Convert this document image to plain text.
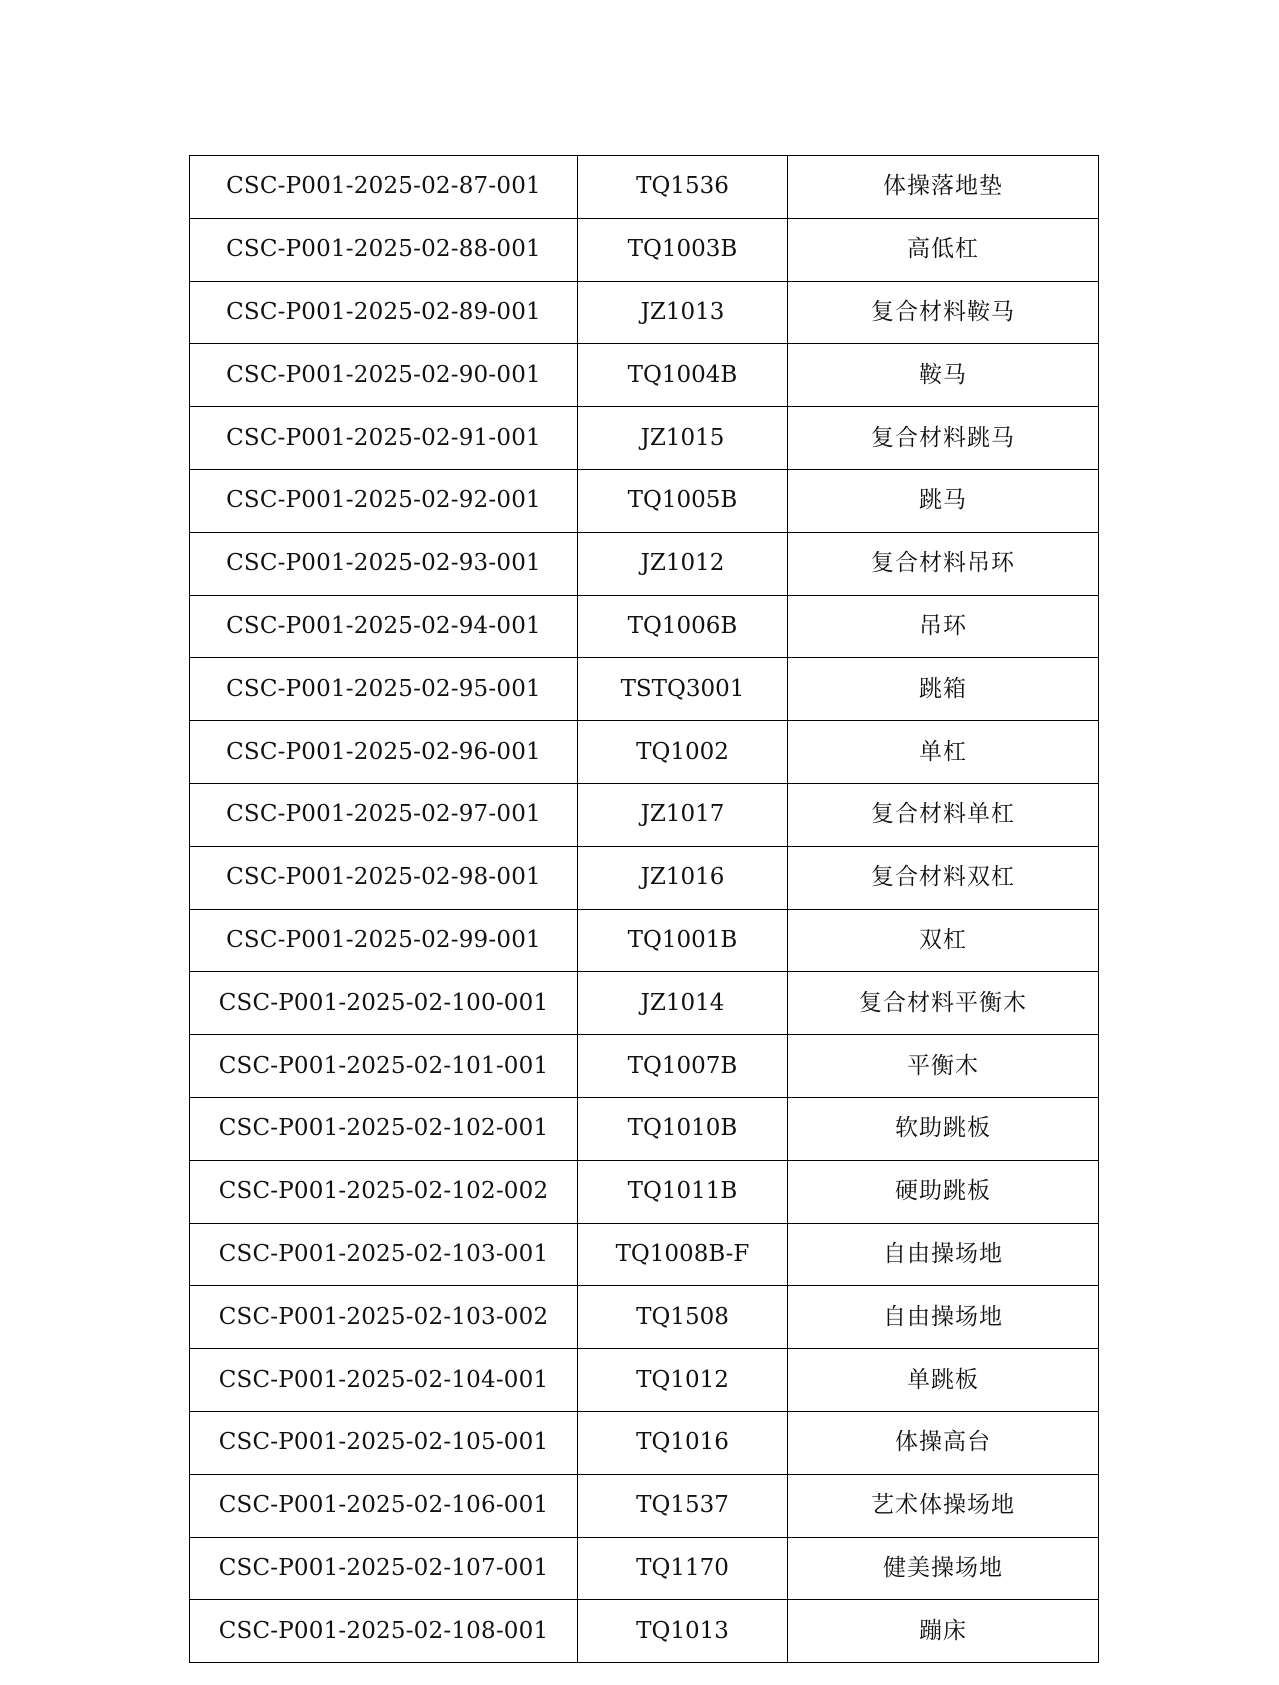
CSC-P001-2025-02-87-001	TQ1536	体操落地垫
CSC-P001-2025-02-88-001	TQ1003B	高低杠
CSC-P001-2025-02-89-001	JZ1013	复合材料鞍马
CSC-P001-2025-02-90-001	TQ1004B	鞍马
CSC-P001-2025-02-91-001	JZ1015	复合材料跳马
CSC-P001-2025-02-92-001	TQ1005B	跳马
CSC-P001-2025-02-93-001	JZ1012	复合材料吊环
CSC-P001-2025-02-94-001	TQ1006B	吊环
CSC-P001-2025-02-95-001	TSTQ3001	跳箱
CSC-P001-2025-02-96-001	TQ1002	单杠
CSC-P001-2025-02-97-001	JZ1017	复合材料单杠
CSC-P001-2025-02-98-001	JZ1016	复合材料双杠
CSC-P001-2025-02-99-001	TQ1001B	双杠
CSC-P001-2025-02-100-001	JZ1014	复合材料平衡木
CSC-P001-2025-02-101-001	TQ1007B	平衡木
CSC-P001-2025-02-102-001	TQ1010B	软助跳板
CSC-P001-2025-02-102-002	TQ1011B	硬助跳板
CSC-P001-2025-02-103-001	TQ1008B-F	自由操场地
CSC-P001-2025-02-103-002	TQ1508	自由操场地
CSC-P001-2025-02-104-001	TQ1012	单跳板
CSC-P001-2025-02-105-001	TQ1016	体操高台
CSC-P001-2025-02-106-001	TQ1537	艺术体操场地
CSC-P001-2025-02-107-001	TQ1170	健美操场地
CSC-P001-2025-02-108-001	TQ1013	蹦床
